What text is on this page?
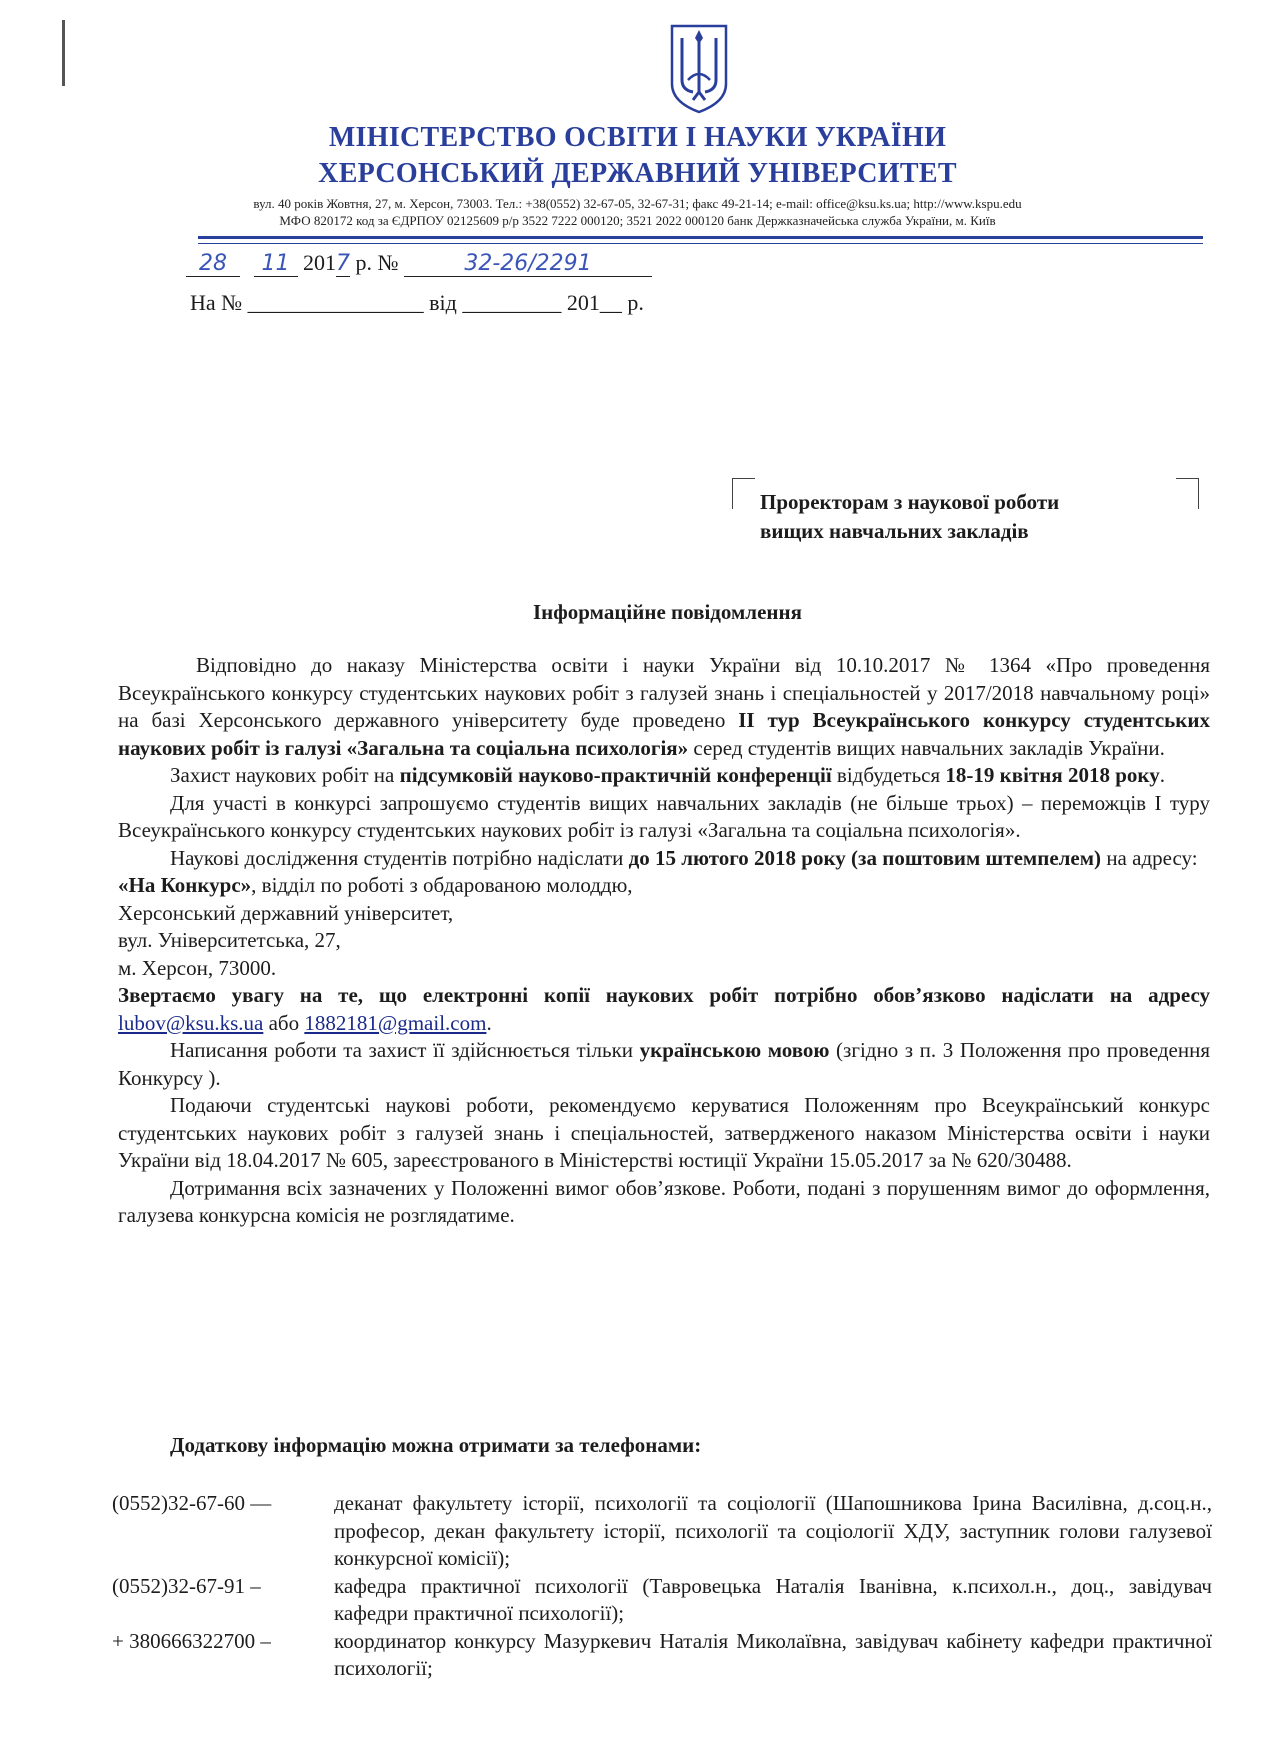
МІНІСТЕРСТВО ОСВІТИ І НАУКИ УКРАЇНИ

ХЕРСОНСЬКИЙ ДЕРЖАВНИЙ УНІВЕРСИТЕТ

вул. 40 років Жовтня, 27, м. Херсон, 73003. Тел.: +38(0552) 32-67-05, 32-67-31; факс 49-21-14; e-mail: office@ksu.ks.ua; http://www.kspu.edu

МФО 820172 код за ЄДРПОУ 02125609 р/р 3522 7222 000120; 3521 2022 000120 банк Держказначейська служба України, м. Київ

28 11 2017 р. №	32-26/2291
На № ________________ від _________ 201__ р.

Проректорам з наукової роботи
вищих навчальних закладів

Інформаційне повідомлення

Відповідно до наказу Міністерства освіти і науки України від 10.10.2017 № 1364 «Про проведення Всеукраїнського конкурсу студентських наукових робіт з галузей знань і спеціальностей у 2017/2018 навчальному році» на базі Херсонського державного університету буде проведено ІІ тур Всеукраїнського конкурсу студентських наукових робіт із галузі «Загальна та соціальна психологія» серед студентів вищих навчальних закладів України.

Захист наукових робіт на підсумковій науково-практичній конференції відбудеться 18-19 квітня 2018 року.

Для участі в конкурсі запрошуємо студентів вищих навчальних закладів (не більше трьох) – переможців І туру Всеукраїнського конкурсу студентських наукових робіт із галузі «Загальна та соціальна психологія».

Наукові дослідження студентів потрібно надіслати до 15 лютого 2018 року (за поштовим штемпелем) на адресу:

«На Конкурс», відділ по роботі з обдарованою молоддю,

Херсонський державний університет,

вул. Університетська, 27,

м. Херсон, 73000.

Звертаємо увагу на те, що електронні копії наукових робіт потрібно обов’язково надіслати на адресу lubov@ksu.ks.ua або 1882181@gmail.com.

Написання роботи та захист її здійснюється тільки українською мовою (згідно з п. 3 Положення про проведення Конкурсу ).

Подаючи студентські наукові роботи, рекомендуємо керуватися Положенням про Всеукраїнський конкурс студентських наукових робіт з галузей знань і спеціальностей, затвердженого наказом Міністерства освіти і науки України від 18.04.2017 № 605, зареєстрованого в Міністерстві юстиції України 15.05.2017 за № 620/30488.

Дотримання всіх зазначених у Положенні вимог обов’язкове. Роботи, подані з порушенням вимог до оформлення, галузева конкурсна комісія не розглядатиме.

Додаткову інформацію можна отримати за телефонами:

(0552)32-67-60 —	деканат факультету історії, психології та соціології (Шапошникова Ірина Василівна, д.соц.н., професор, декан факультету історії, психології та соціології ХДУ, заступник голови галузевої конкурсної комісії);
(0552)32-67-91 –	кафедра практичної психології (Тавровецька Наталія Іванівна, к.психол.н., доц., завідувач кафедри практичної психології);
+ 380666322700 –	координатор конкурсу Мазуркевич Наталія Миколаївна, завідувач кабінету кафедри практичної психології;
